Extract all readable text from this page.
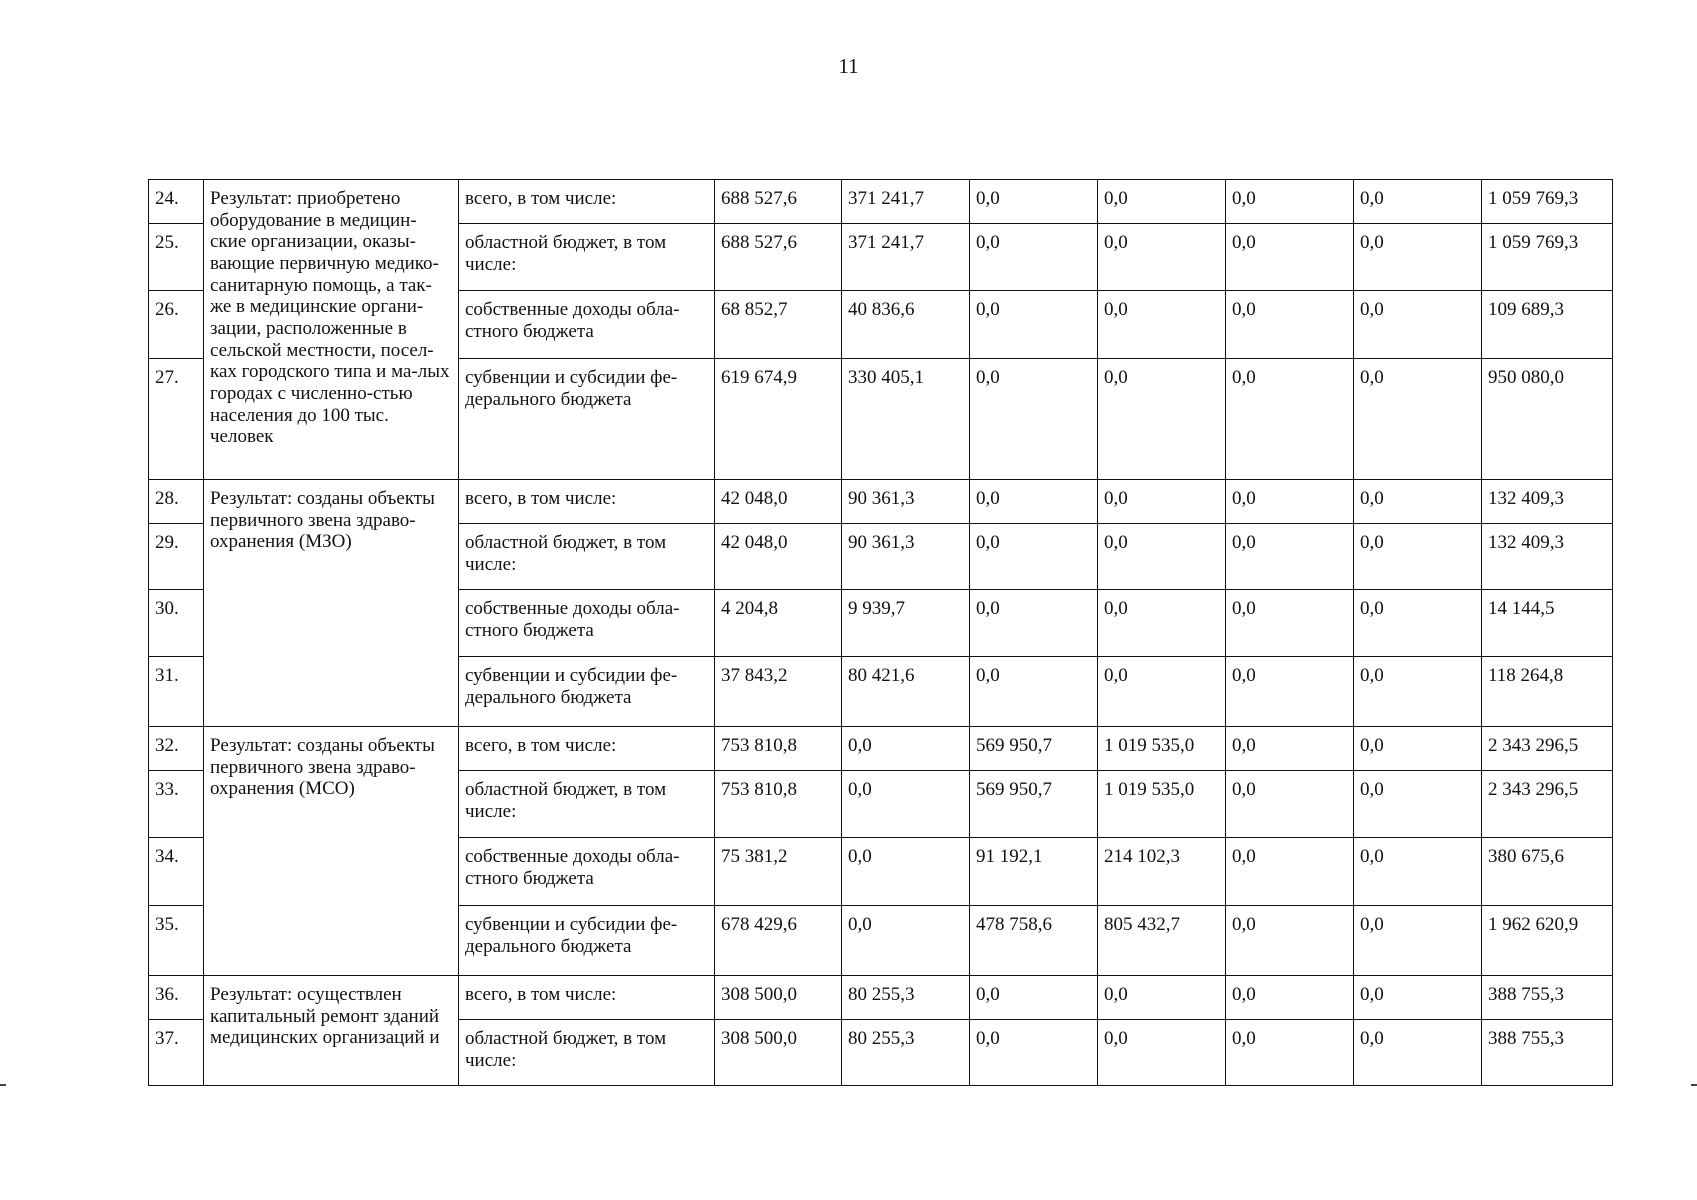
11
24.	Результат: приобретено оборудование в медицин-ские организации, оказы-вающие первичную медико-санитарную помощь, а так-же в медицинские органи-зации, расположенные в сельской местности, посел-ках городского типа и ма-лых городах с численно-стью населения до 100 тыс. человек	всего, в том числе:	688 527,6	371 241,7	0,0	0,0	0,0	0,0	1 059 769,3
25.		областной бюджет, в том числе:	688 527,6	371 241,7	0,0	0,0	0,0	0,0	1 059 769,3
26.		собственные доходы обла-стного бюджета	68 852,7	40 836,6	0,0	0,0	0,0	0,0	109 689,3
27.		субвенции и субсидии фе-дерального бюджета	619 674,9	330 405,1	0,0	0,0	0,0	0,0	950 080,0
28.	Результат: созданы объекты первичного звена здраво-охранения (МЗО)	всего, в том числе:	42 048,0	90 361,3	0,0	0,0	0,0	0,0	132 409,3
29.		областной бюджет, в том числе:	42 048,0	90 361,3	0,0	0,0	0,0	0,0	132 409,3
30.		собственные доходы обла-стного бюджета	4 204,8	9 939,7	0,0	0,0	0,0	0,0	14 144,5
31.		субвенции и субсидии фе-дерального бюджета	37 843,2	80 421,6	0,0	0,0	0,0	0,0	118 264,8
32.	Результат: созданы объекты первичного звена здраво-охранения (МСО)	всего, в том числе:	753 810,8	0,0	569 950,7	1 019 535,0	0,0	0,0	2 343 296,5
33.		областной бюджет, в том числе:	753 810,8	0,0	569 950,7	1 019 535,0	0,0	0,0	2 343 296,5
34.		собственные доходы обла-стного бюджета	75 381,2	0,0	91 192,1	214 102,3	0,0	0,0	380 675,6
35.		субвенции и субсидии фе-дерального бюджета	678 429,6	0,0	478 758,6	805 432,7	0,0	0,0	1 962 620,9
36.	Результат: осуществлен капитальный ремонт зданий медицинских организаций и	всего, в том числе:	308 500,0	80 255,3	0,0	0,0	0,0	0,0	388 755,3
37.		областной бюджет, в том числе:	308 500,0	80 255,3	0,0	0,0	0,0	0,0	388 755,3
